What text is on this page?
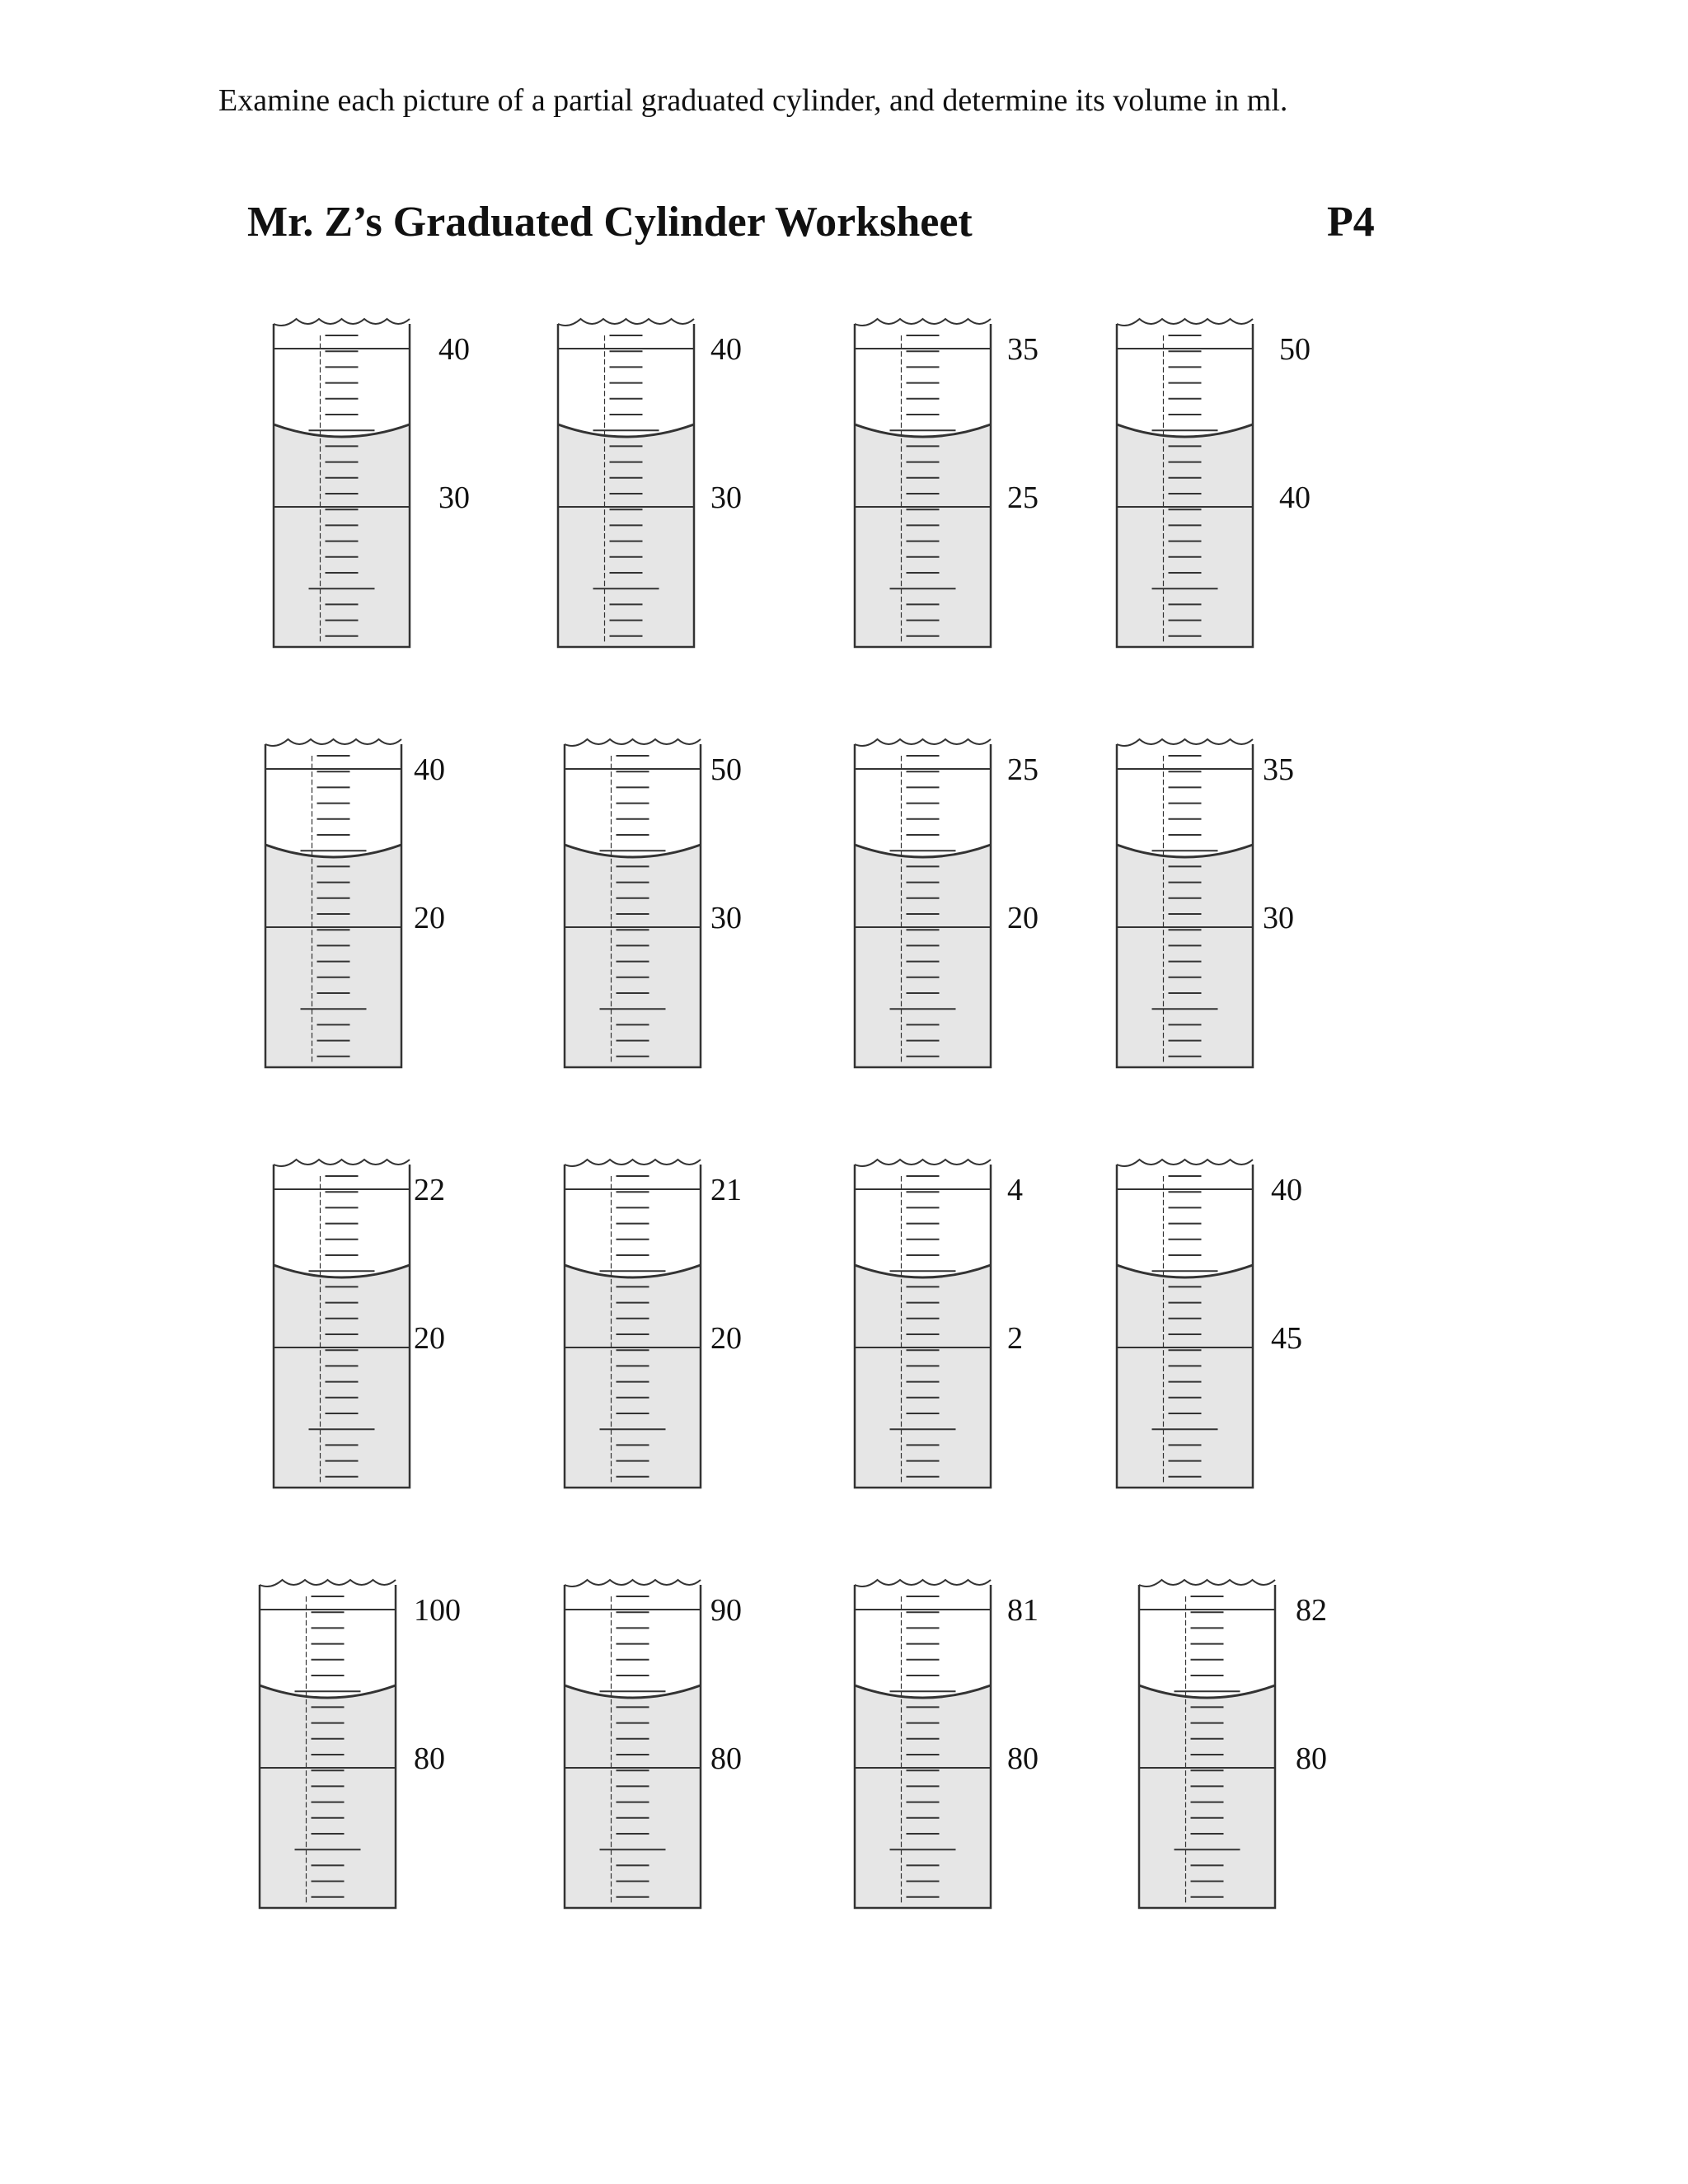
Examine each picture of a partial graduated cylinder, and determine its volume in ml.
Mr. Z’s Graduated Cylinder Worksheet	P4
40
30
40
30
35
25
50
40
40
20
50
30
25
20
35
30
22
20
21
20
4
2
40
45
100
80
90
80
81
80
82
80
